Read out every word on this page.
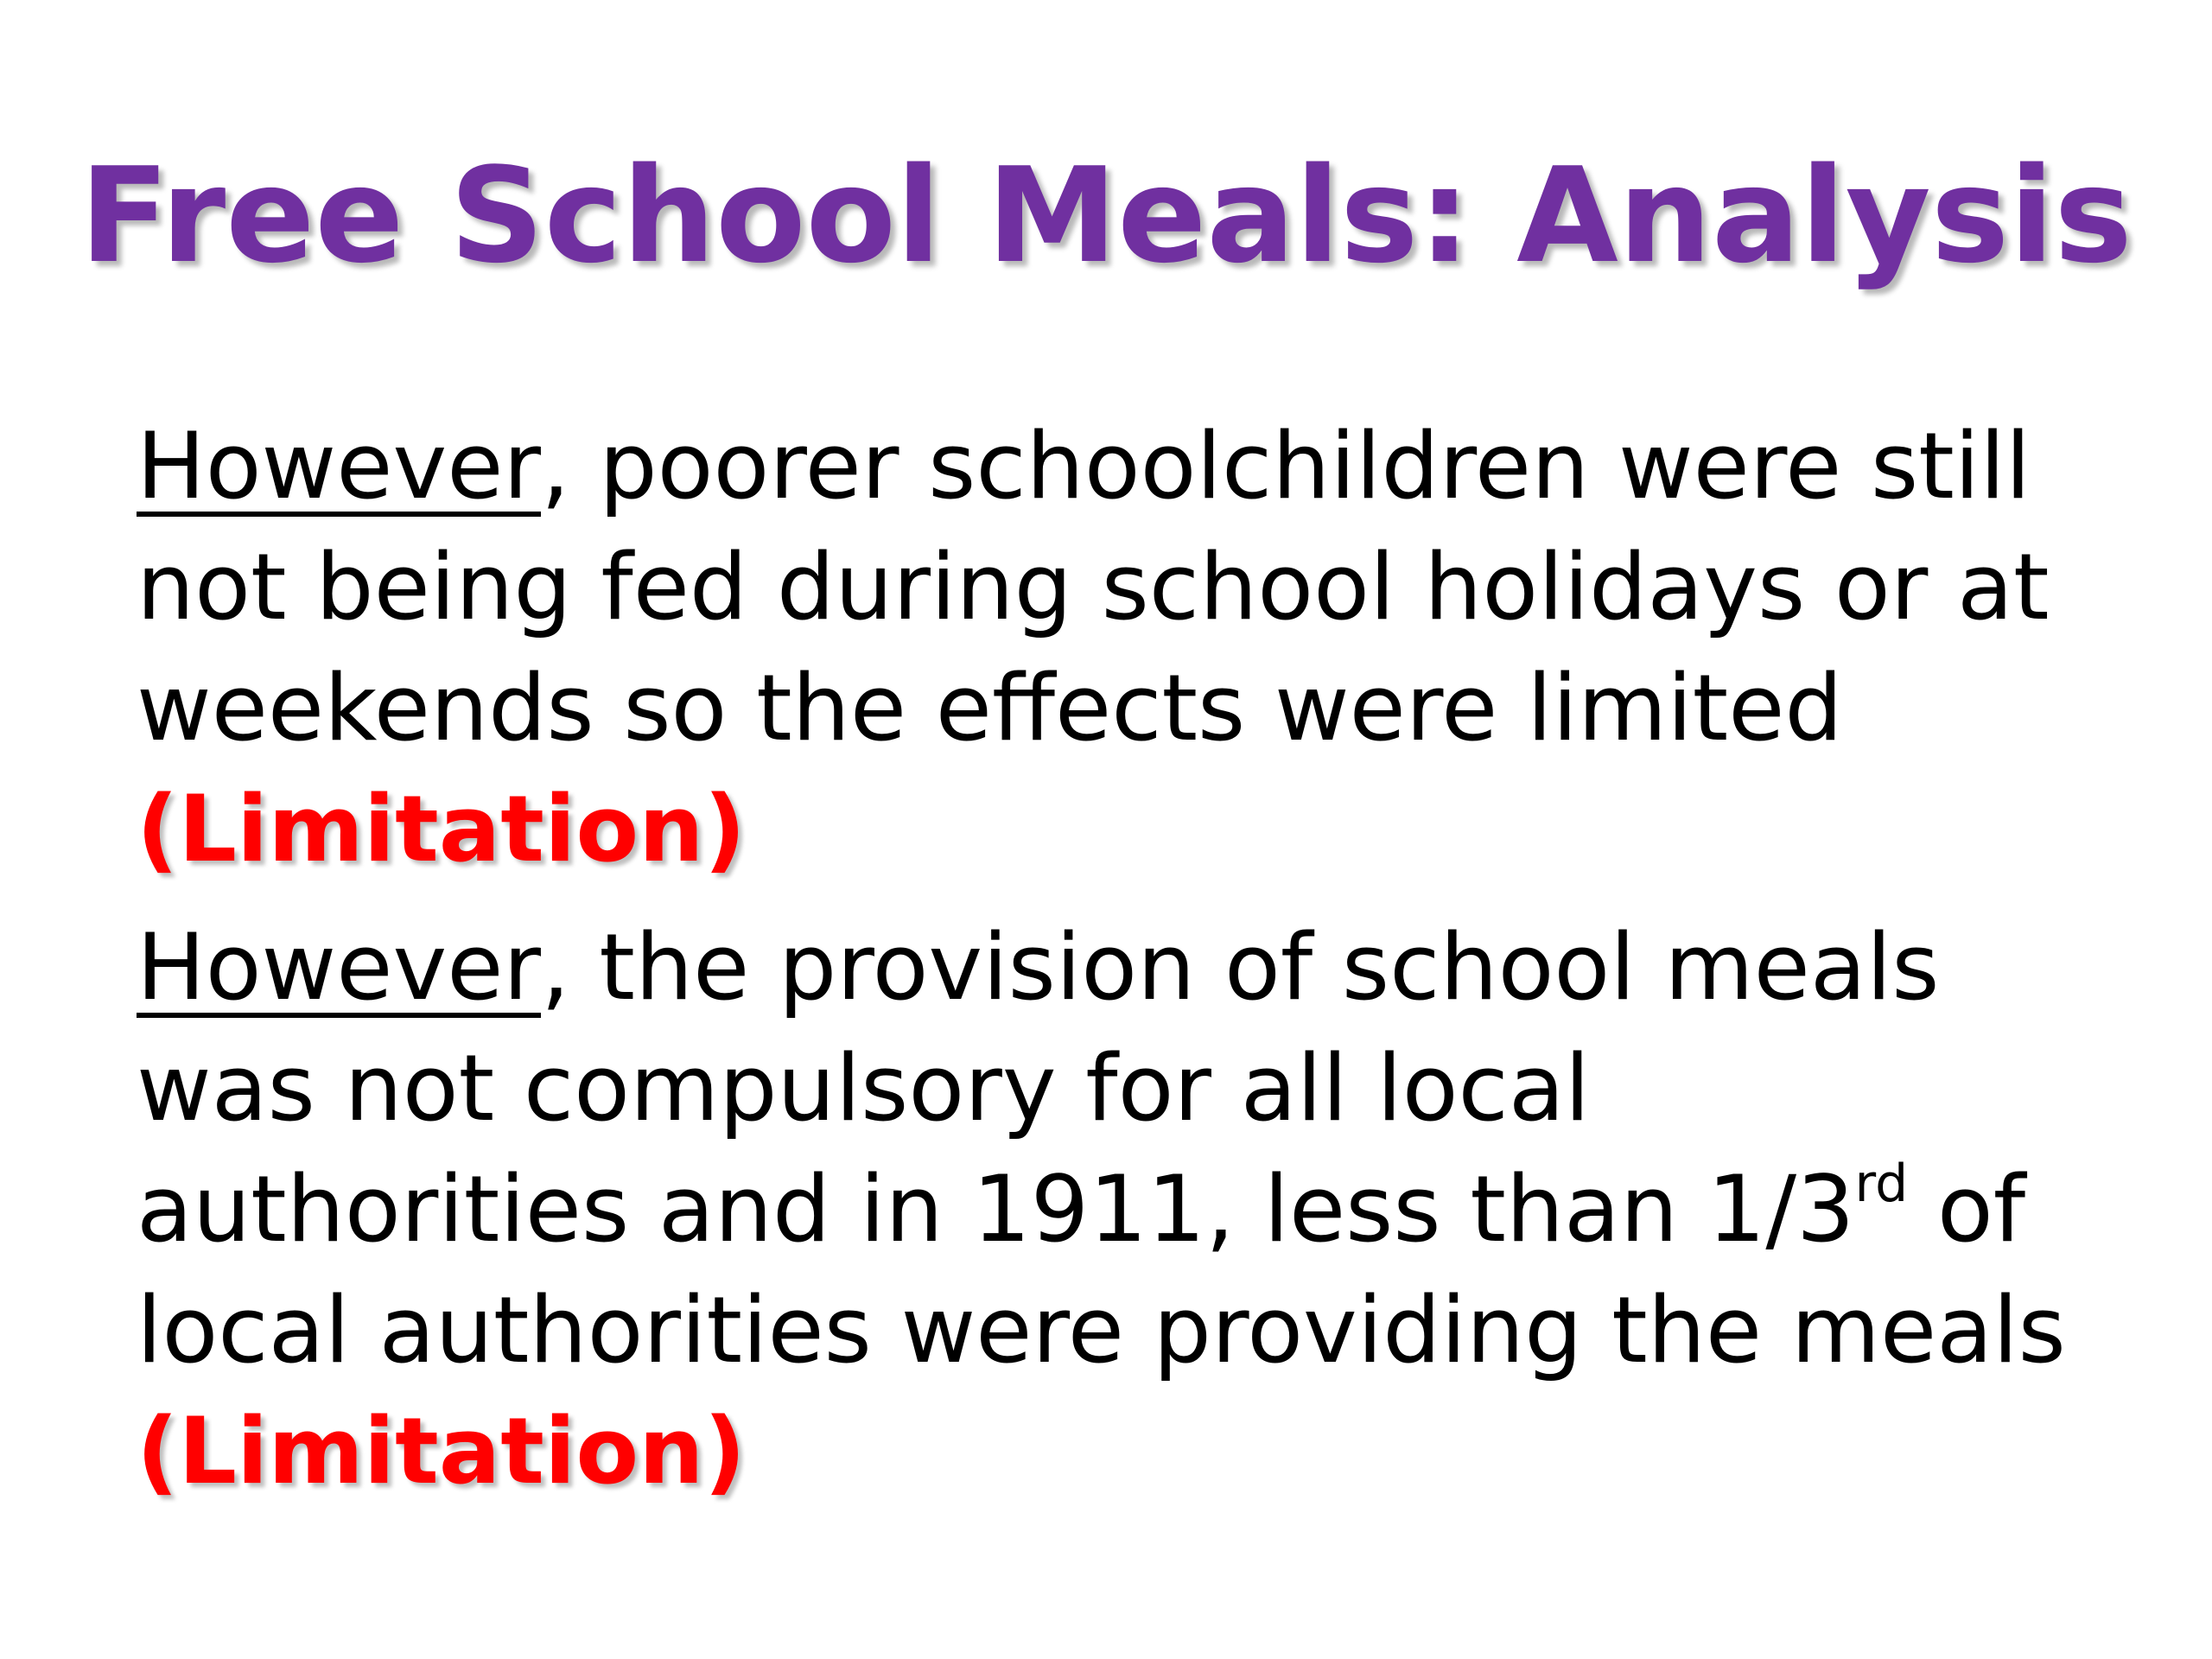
Free School Meals: Analysis
However, poorer schoolchildren were still
not being fed during school holidays or at
weekends so the effects were limited
(Limitation)
However, the provision of school meals
was not compulsory for all local
authorities and in 1911, less than 1/3rd of
local authorities were providing the meals
(Limitation)
